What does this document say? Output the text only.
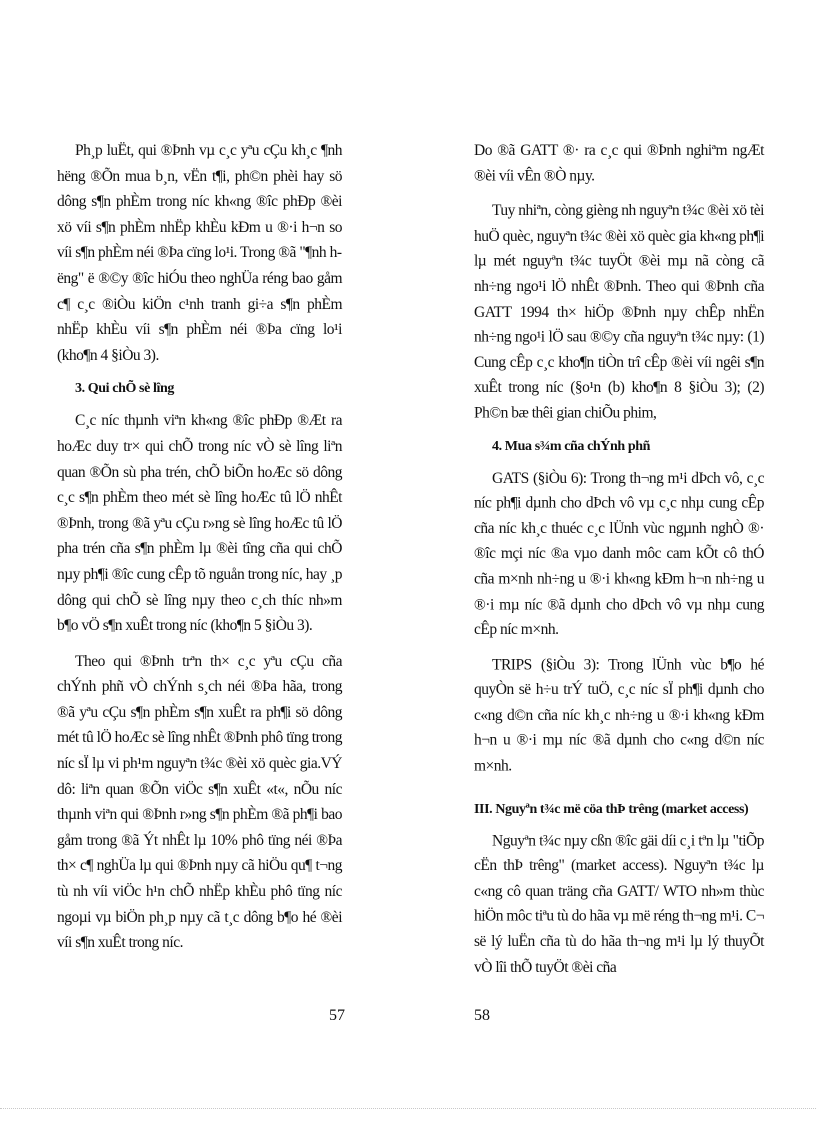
Ph¸p luËt, qui ®Þnh vµ c¸c yªu cÇu kh¸c ¶nh hëng ®Õn mua b¸n, vËn t¶i, ph©n phèi hay sö dông s¶n phÈm trong níc kh«ng ®îc phÐp ®èi xö víi s¶n phÈm nhËp khÈu kÐm u ®·i h¬n so víi s¶n phÈm néi ®Þa cïng lo¹i. Trong ®ã "¶nh hëng" ë ®©y ®îc hiÓu theo nghÜa réng bao gåm c¶ c¸c ®iÒu kiÖn c¹nh tranh gi÷a s¶n phÈm nhËp khÈu víi s¶n phÈm néi ®Þa cïng lo¹i (kho¶n 4 §iÒu 3).

3. Qui chÕ sè lîng

C¸c níc thµnh viªn kh«ng ®îc phÐp ®Æt ra hoÆc duy tr× qui chÕ trong níc vÒ sè lîng liªn quan ®Õn sù pha trén, chÕ biÕn hoÆc sö dông c¸c s¶n phÈm theo mét sè lîng hoÆc tû lÖ nhÊt ®Þnh, trong ®ã yªu cÇu r»ng sè lîng hoÆc tû lÖ pha trén cña s¶n phÈm lµ ®èi tîng cña qui chÕ nµy ph¶i ®îc cung cÊp tõ nguån trong níc, hay ¸p dông qui chÕ sè lîng nµy theo c¸ch thíc nh»m b¶o vÖ s¶n xuÊt trong níc (kho¶n 5 §iÒu 3).

Theo qui ®Þnh trªn th× c¸c yªu cÇu cña chÝnh phñ vÒ chÝnh s¸ch néi ®Þa hãa, trong ®ã yªu cÇu s¶n phÈm s¶n xuÊt ra ph¶i sö dông mét tû lÖ hoÆc sè lîng nhÊt ®Þnh phô tïng trong níc sÏ lµ vi ph¹m nguyªn t¾c ®èi xö quèc gia.VÝ dô: liªn quan ®Õn viÖc s¶n xuÊt «t«, nÕu níc thµnh viªn qui ®Þnh r»ng s¶n phÈm ®ã ph¶i bao gåm trong ®ã Ýt nhÊt lµ 10% phô tïng néi ®Þa th× c¶ nghÜa lµ qui ®Þnh nµy cã hiÖu qu¶ t¬ng tù nh víi viÖc h¹n chÕ nhËp khÈu phô tïng níc ngoµi vµ biÖn ph¸p nµy cã t¸c dông b¶o hé ®èi víi s¶n xuÊt trong níc.

Do ®ã GATT ®· ra c¸c qui ®Þnh nghiªm ngÆt ®èi víi vÊn ®Ò nµy.

Tuy nhiªn, còng gièng nh nguyªn t¾c ®èi xö tèi huÖ quèc, nguyªn t¾c ®èi xö quèc gia kh«ng ph¶i lµ mét nguyªn t¾c tuyÖt ®èi mµ nã còng cã nh÷ng ngo¹i lÖ nhÊt ®Þnh. Theo qui ®Þnh cña GATT 1994 th× hiÖp ®Þnh nµy chÊp nhËn nh÷ng ngo¹i lÖ sau ®©y cña nguyªn t¾c nµy: (1) Cung cÊp c¸c kho¶n tiÒn trî cÊp ®èi víi ngêi s¶n xuÊt trong níc (§o¹n (b) kho¶n 8 §iÒu 3); (2) Ph©n bæ thêi gian chiÕu phim,

4. Mua s¾m cña chÝnh phñ

GATS (§iÒu 6): Trong th¬ng m¹i dÞch vô, c¸c níc ph¶i dµnh cho dÞch vô vµ c¸c nhµ cung cÊp cña níc kh¸c thuéc c¸c lÜnh vùc ngµnh nghÒ ®· ®îc mçi níc ®a vµo danh môc cam kÕt cô thÓ cña m×nh nh÷ng u ®·i kh«ng kÐm h¬n nh÷ng u ®·i mµ níc ®ã dµnh cho dÞch vô vµ nhµ cung cÊp níc m×nh.

TRIPS (§iÒu 3): Trong lÜnh vùc b¶o hé quyÒn së h÷u trÝ tuÖ, c¸c níc sÏ ph¶i dµnh cho c«ng d©n cña níc kh¸c nh÷ng u ®·i kh«ng kÐm h¬n u ®·i mµ níc ®ã dµnh cho c«ng d©n níc m×nh.

III. Nguyªn t¾c më cöa thÞ trêng (market access)

Nguyªn t¾c nµy cßn ®îc gäi díi c¸i tªn lµ "tiÕp cËn thÞ trêng" (market access). Nguyªn t¾c lµ c«ng cô quan träng cña GATT/ WTO nh»m thùc hiÖn môc tiªu tù do hãa vµ më réng th¬ng m¹i. C¬ së lý luËn cña tù do hãa th¬ng m¹i lµ lý thuyÕt vÒ lîi thÕ tuyÖt ®èi cña

57	58
